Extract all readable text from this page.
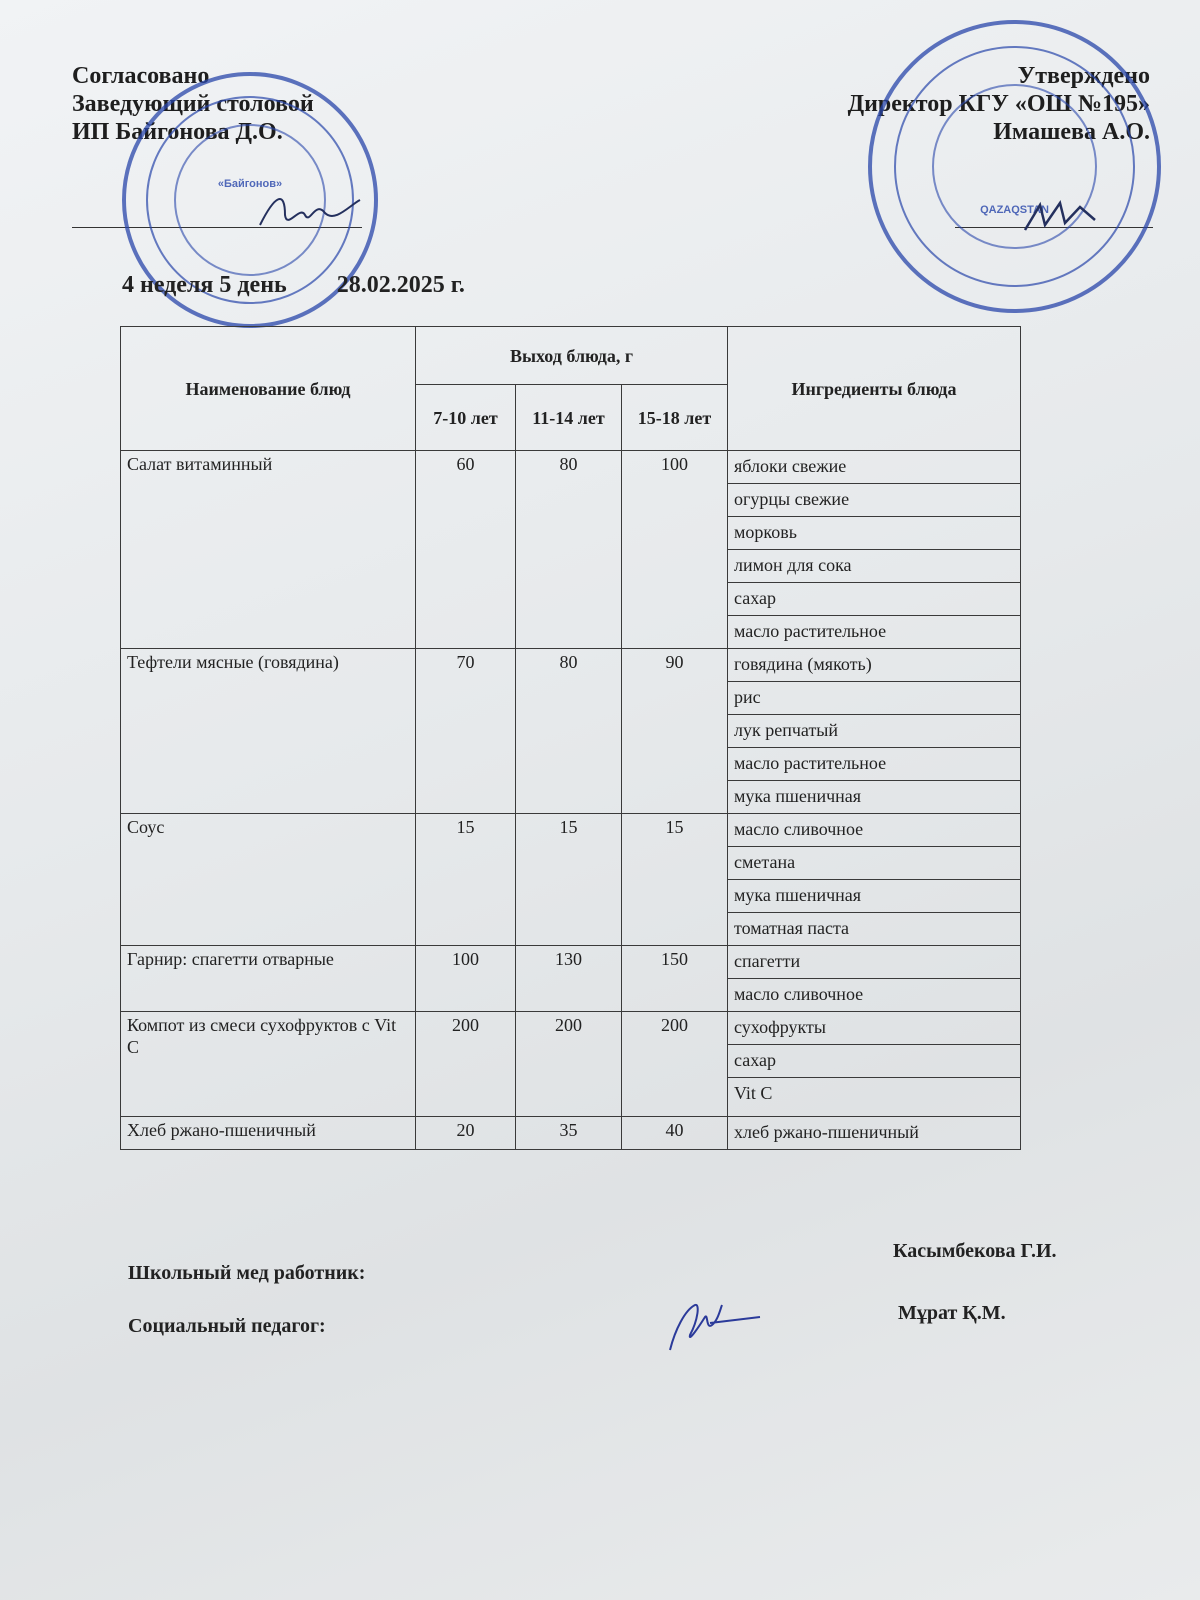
Согласовано
Заведующий столовой
ИП Байгонова Д.О.
Утверждено
Директор КГУ «ОШ №195»
Имашева А.О.
«Байгонов»
QAZAQSTAN
4 неделя 5 день 28.02.2025 г.
Наименование блюд	Выход блюда, г			Ингредиенты блюда
	7-10 лет	11-14 лет	15-18 лет	
Салат витаминный	60	80	100	яблоки свежие
				огурцы свежие
				морковь
				лимон для сока
				сахар
				масло растительное
Тефтели мясные (говядина)	70	80	90	говядина (мякоть)
				рис
				лук репчатый
				масло растительное
				мука пшеничная
Соус	15	15	15	масло сливочное
				сметана
				мука пшеничная
				томатная паста
Гарнир: спагетти отварные	100	130	150	спагетти
				масло сливочное
Компот из смеси сухофруктов с Vit C	200	200	200	сухофрукты
				сахар
				Vit C
Хлеб ржано-пшеничный	20	35	40	хлеб ржано-пшеничный
Школьный мед работник:
Касымбекова Г.И.
Социальный педагог:
Мұрат Қ.М.
